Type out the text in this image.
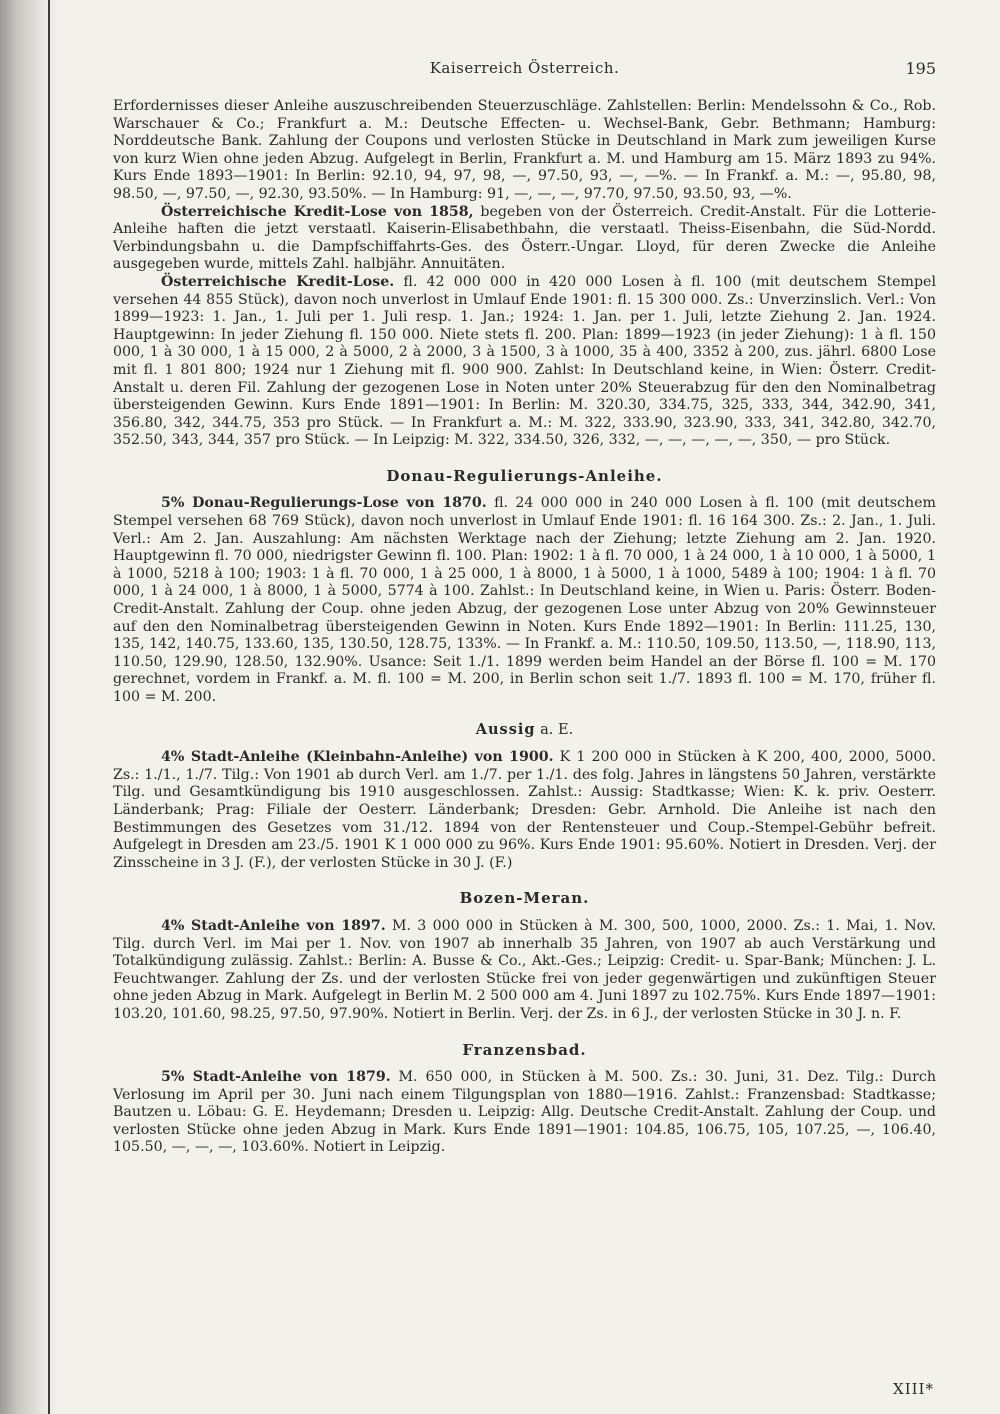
Kaiserreich Österreich.	195

Erfordernisses dieser Anleihe auszuschreibenden Steuerzuschläge. Zahlstellen: Berlin: Mendelssohn & Co., Rob. Warschauer & Co.; Frankfurt a. M.: Deutsche Effecten- u. Wechsel-Bank, Gebr. Bethmann; Hamburg: Norddeutsche Bank. Zahlung der Coupons und verlosten Stücke in Deutschland in Mark zum jeweiligen Kurse von kurz Wien ohne jeden Abzug. Aufgelegt in Berlin, Frankfurt a. M. und Hamburg am 15. März 1893 zu 94%. Kurs Ende 1893—1901: In Berlin: 92.10, 94, 97, 98, —, 97.50, 93, —, —%. — In Frankf. a. M.: —, 95.80, 98, 98.50, —, 97.50, —, 92.30, 93.50%. — In Hamburg: 91, —, —, —, 97.70, 97.50, 93.50, 93, —%.

Österreichische Kredit-Lose von 1858, begeben von der Österreich. Credit-Anstalt. Für die Lotterie-Anleihe haften die jetzt verstaatl. Kaiserin-Elisabethbahn, die verstaatl. Theiss-Eisenbahn, die Süd-Nordd. Verbindungsbahn u. die Dampfschiffahrts-Ges. des Österr.-Ungar. Lloyd, für deren Zwecke die Anleihe ausgegeben wurde, mittels Zahl. halbjähr. Annuitäten.

Österreichische Kredit-Lose. fl. 42 000 000 in 420 000 Losen à fl. 100 (mit deutschem Stempel versehen 44 855 Stück), davon noch unverlost in Umlauf Ende 1901: fl. 15 300 000. Zs.: Unverzinslich. Verl.: Von 1899—1923: 1. Jan., 1. Juli per 1. Juli resp. 1. Jan.; 1924: 1. Jan. per 1. Juli, letzte Ziehung 2. Jan. 1924. Hauptgewinn: In jeder Ziehung fl. 150 000. Niete stets fl. 200. Plan: 1899—1923 (in jeder Ziehung): 1 à fl. 150 000, 1 à 30 000, 1 à 15 000, 2 à 5000, 2 à 2000, 3 à 1500, 3 à 1000, 35 à 400, 3352 à 200, zus. jährl. 6800 Lose mit fl. 1 801 800; 1924 nur 1 Ziehung mit fl. 900 900. Zahlst: In Deutschland keine, in Wien: Österr. Credit-Anstalt u. deren Fil. Zahlung der gezogenen Lose in Noten unter 20% Steuerabzug für den den Nominalbetrag übersteigenden Gewinn. Kurs Ende 1891—1901: In Berlin: M. 320.30, 334.75, 325, 333, 344, 342.90, 341, 356.80, 342, 344.75, 353 pro Stück. — In Frankfurt a. M.: M. 322, 333.90, 323.90, 333, 341, 342.80, 342.70, 352.50, 343, 344, 357 pro Stück. — In Leipzig: M. 322, 334.50, 326, 332, —, —, —, —, —, 350, — pro Stück.

Donau-Regulierungs-Anleihe.

5% Donau-Regulierungs-Lose von 1870. fl. 24 000 000 in 240 000 Losen à fl. 100 (mit deutschem Stempel versehen 68 769 Stück), davon noch unverlost in Umlauf Ende 1901: fl. 16 164 300. Zs.: 2. Jan., 1. Juli. Verl.: Am 2. Jan. Auszahlung: Am nächsten Werktage nach der Ziehung; letzte Ziehung am 2. Jan. 1920. Hauptgewinn fl. 70 000, niedrigster Gewinn fl. 100. Plan: 1902: 1 à fl. 70 000, 1 à 24 000, 1 à 10 000, 1 à 5000, 1 à 1000, 5218 à 100; 1903: 1 à fl. 70 000, 1 à 25 000, 1 à 8000, 1 à 5000, 1 à 1000, 5489 à 100; 1904: 1 à fl. 70 000, 1 à 24 000, 1 à 8000, 1 à 5000, 5774 à 100. Zahlst.: In Deutschland keine, in Wien u. Paris: Österr. Boden-Credit-Anstalt. Zahlung der Coup. ohne jeden Abzug, der gezogenen Lose unter Abzug von 20% Gewinnsteuer auf den den Nominalbetrag übersteigenden Gewinn in Noten. Kurs Ende 1892—1901: In Berlin: 111.25, 130, 135, 142, 140.75, 133.60, 135, 130.50, 128.75, 133%. — In Frankf. a. M.: 110.50, 109.50, 113.50, —, 118.90, 113, 110.50, 129.90, 128.50, 132.90%. Usance: Seit 1./1. 1899 werden beim Handel an der Börse fl. 100 = M. 170 gerechnet, vordem in Frankf. a. M. fl. 100 = M. 200, in Berlin schon seit 1./7. 1893 fl. 100 = M. 170, früher fl. 100 = M. 200.

Aussig a. E.

4% Stadt-Anleihe (Kleinbahn-Anleihe) von 1900. K 1 200 000 in Stücken à K 200, 400, 2000, 5000. Zs.: 1./1., 1./7. Tilg.: Von 1901 ab durch Verl. am 1./7. per 1./1. des folg. Jahres in längstens 50 Jahren, verstärkte Tilg. und Gesamtkündigung bis 1910 ausgeschlossen. Zahlst.: Aussig: Stadtkasse; Wien: K. k. priv. Oesterr. Länderbank; Prag: Filiale der Oesterr. Länderbank; Dresden: Gebr. Arnhold. Die Anleihe ist nach den Bestimmungen des Gesetzes vom 31./12. 1894 von der Rentensteuer und Coup.-Stempel-Gebühr befreit. Aufgelegt in Dresden am 23./5. 1901 K 1 000 000 zu 96%. Kurs Ende 1901: 95.60%. Notiert in Dresden. Verj. der Zinsscheine in 3 J. (F.), der verlosten Stücke in 30 J. (F.)

Bozen-Meran.

4% Stadt-Anleihe von 1897. M. 3 000 000 in Stücken à M. 300, 500, 1000, 2000. Zs.: 1. Mai, 1. Nov. Tilg. durch Verl. im Mai per 1. Nov. von 1907 ab innerhalb 35 Jahren, von 1907 ab auch Verstärkung und Totalkündigung zulässig. Zahlst.: Berlin: A. Busse & Co., Akt.-Ges.; Leipzig: Credit- u. Spar-Bank; München: J. L. Feuchtwanger. Zahlung der Zs. und der verlosten Stücke frei von jeder gegenwärtigen und zukünftigen Steuer ohne jeden Abzug in Mark. Aufgelegt in Berlin M. 2 500 000 am 4. Juni 1897 zu 102.75%. Kurs Ende 1897—1901: 103.20, 101.60, 98.25, 97.50, 97.90%. Notiert in Berlin. Verj. der Zs. in 6 J., der verlosten Stücke in 30 J. n. F.

Franzensbad.

5% Stadt-Anleihe von 1879. M. 650 000, in Stücken à M. 500. Zs.: 30. Juni, 31. Dez. Tilg.: Durch Verlosung im April per 30. Juni nach einem Tilgungsplan von 1880—1916. Zahlst.: Franzensbad: Stadtkasse; Bautzen u. Löbau: G. E. Heydemann; Dresden u. Leipzig: Allg. Deutsche Credit-Anstalt. Zahlung der Coup. und verlosten Stücke ohne jeden Abzug in Mark. Kurs Ende 1891—1901: 104.85, 106.75, 105, 107.25, —, 106.40, 105.50, —, —, —, 103.60%. Notiert in Leipzig.

XIII*
